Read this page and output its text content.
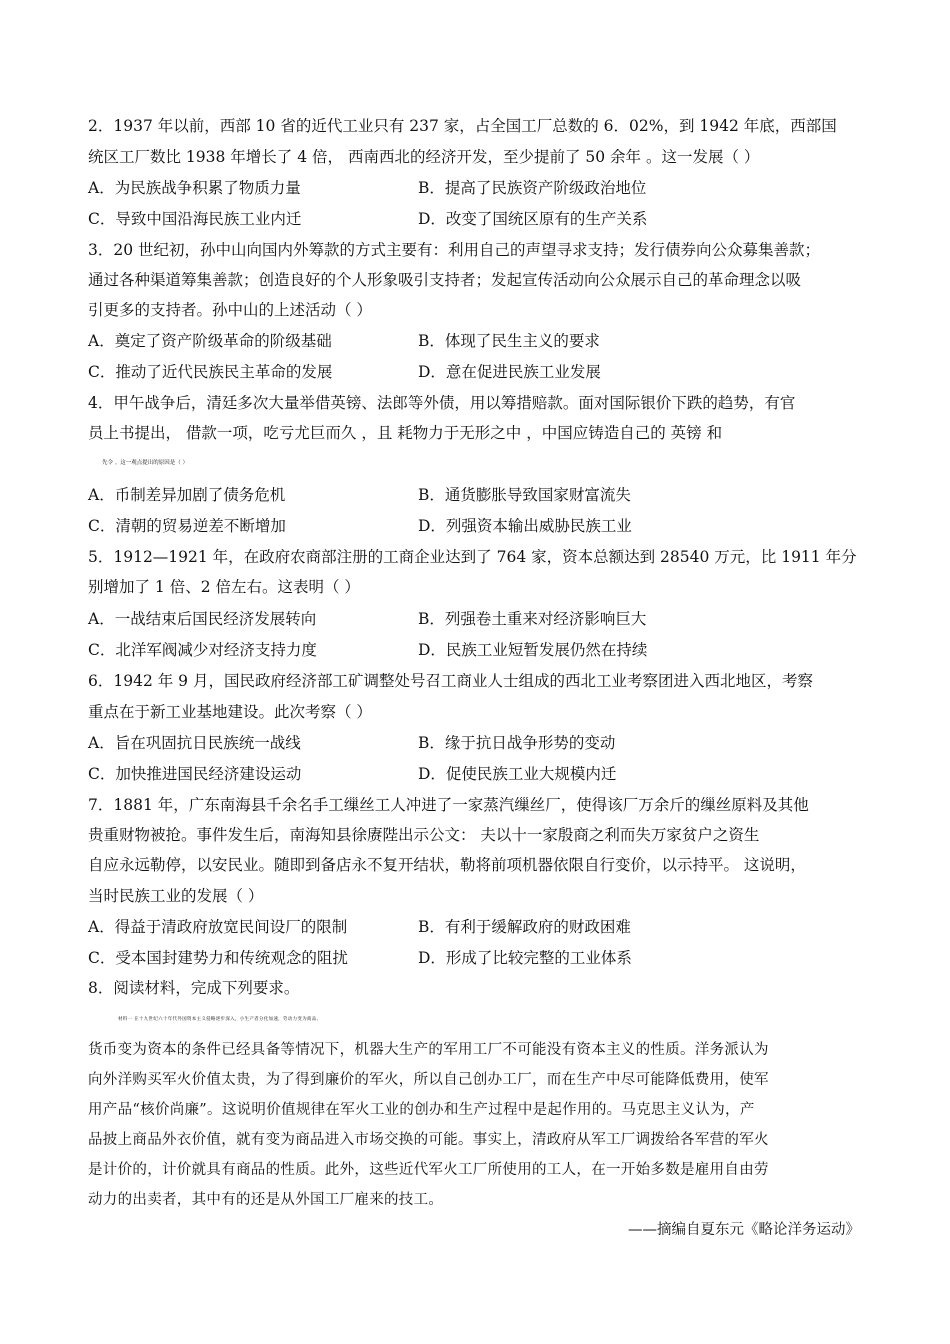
2．1937 年以前，西部 10 省的近代工业只有 237 家，占全国工厂总数的 6．02%，到 1942 年底，西部国
统区工厂数比 1938 年增长了 4 倍， 西南西北的经济开发，至少提前了 50 余年 。这一发展（ ）
A．为民族战争积累了物质力量	B．提高了民族资产阶级政治地位
C．导致中国沿海民族工业内迁	D．改变了国统区原有的生产关系
3．20 世纪初，孙中山向国内外筹款的方式主要有：利用自己的声望寻求支持；发行债券向公众募集善款；
通过各种渠道筹集善款；创造良好的个人形象吸引支持者；发起宣传活动向公众展示自己的革命理念以吸
引更多的支持者。孙中山的上述活动（ ）
A．奠定了资产阶级革命的阶级基础	B．体现了民生主义的要求
C．推动了近代民族民主革命的发展	D．意在促进民族工业发展
4．甲午战争后，清廷多次大量举借英镑、法郎等外债，用以筹措赔款。面对国际银价下跌的趋势，有官
员上书提出， 借款一项，吃亏尤巨而久 ，且 耗物力于无形之中 ，中国应铸造自己的 英镑 和
先令 。这一观点提出的原因是（ ）
A．币制差异加剧了债务危机	B．通货膨胀导致国家财富流失
C．清朝的贸易逆差不断增加	D．列强资本输出威胁民族工业
5．1912—1921 年，在政府农商部注册的工商企业达到了 764 家，资本总额达到 28540 万元，比 1911 年分
别增加了 1 倍、2 倍左右。这表明（ ）
A．一战结束后国民经济发展转向	B．列强卷土重来对经济影响巨大
C．北洋军阀减少对经济支持力度	D．民族工业短暂发展仍然在持续
6．1942 年 9 月，国民政府经济部工矿调整处号召工商业人士组成的西北工业考察团进入西北地区，考察
重点在于新工业基地建设。此次考察（ ）
A．旨在巩固抗日民族统一战线	B．缘于抗日战争形势的变动
C．加快推进国民经济建设运动	D．促使民族工业大规模内迁
7．1881 年，广东南海县千余名手工缫丝工人冲进了一家蒸汽缫丝厂，使得该厂万余斤的缫丝原料及其他
贵重财物被抢。事件发生后，南海知县徐赓陛出示公文： 夫以十一家殷商之利而失万家贫户之资生
自应永远勒停，以安民业。随即到备店永不复开结状，勒将前项机器依限自行变价，以示持平。 这说明，
当时民族工业的发展（ ）
A．得益于清政府放宽民间设厂的限制	B．有利于缓解政府的财政困难
C．受本国封建势力和传统观念的阻扰	D．形成了比较完整的工业体系
8．阅读材料，完成下列要求。
材料一 在十九世纪六十年代外国资本主义侵略逐步深入，小生产者分化加速，劳动力变为商品、
货币变为资本的条件已经具备等情况下，机器大生产的军用工厂不可能没有资本主义的性质。洋务派认为
向外洋购买军火价值太贵，为了得到廉价的军火，所以自己创办工厂，而在生产中尽可能降低费用，使军
用产品“核价尚廉”。这说明价值规律在军火工业的创办和生产过程中是起作用的。马克思主义认为，产
品披上商品外衣价值，就有变为商品进入市场交换的可能。事实上，清政府从军工厂调拨给各军营的军火
是计价的，计价就具有商品的性质。此外，这些近代军火工厂所使用的工人，在一开始多数是雇用自由劳
动力的出卖者，其中有的还是从外国工厂雇来的技工。
——摘编自夏东元《略论洋务运动》
